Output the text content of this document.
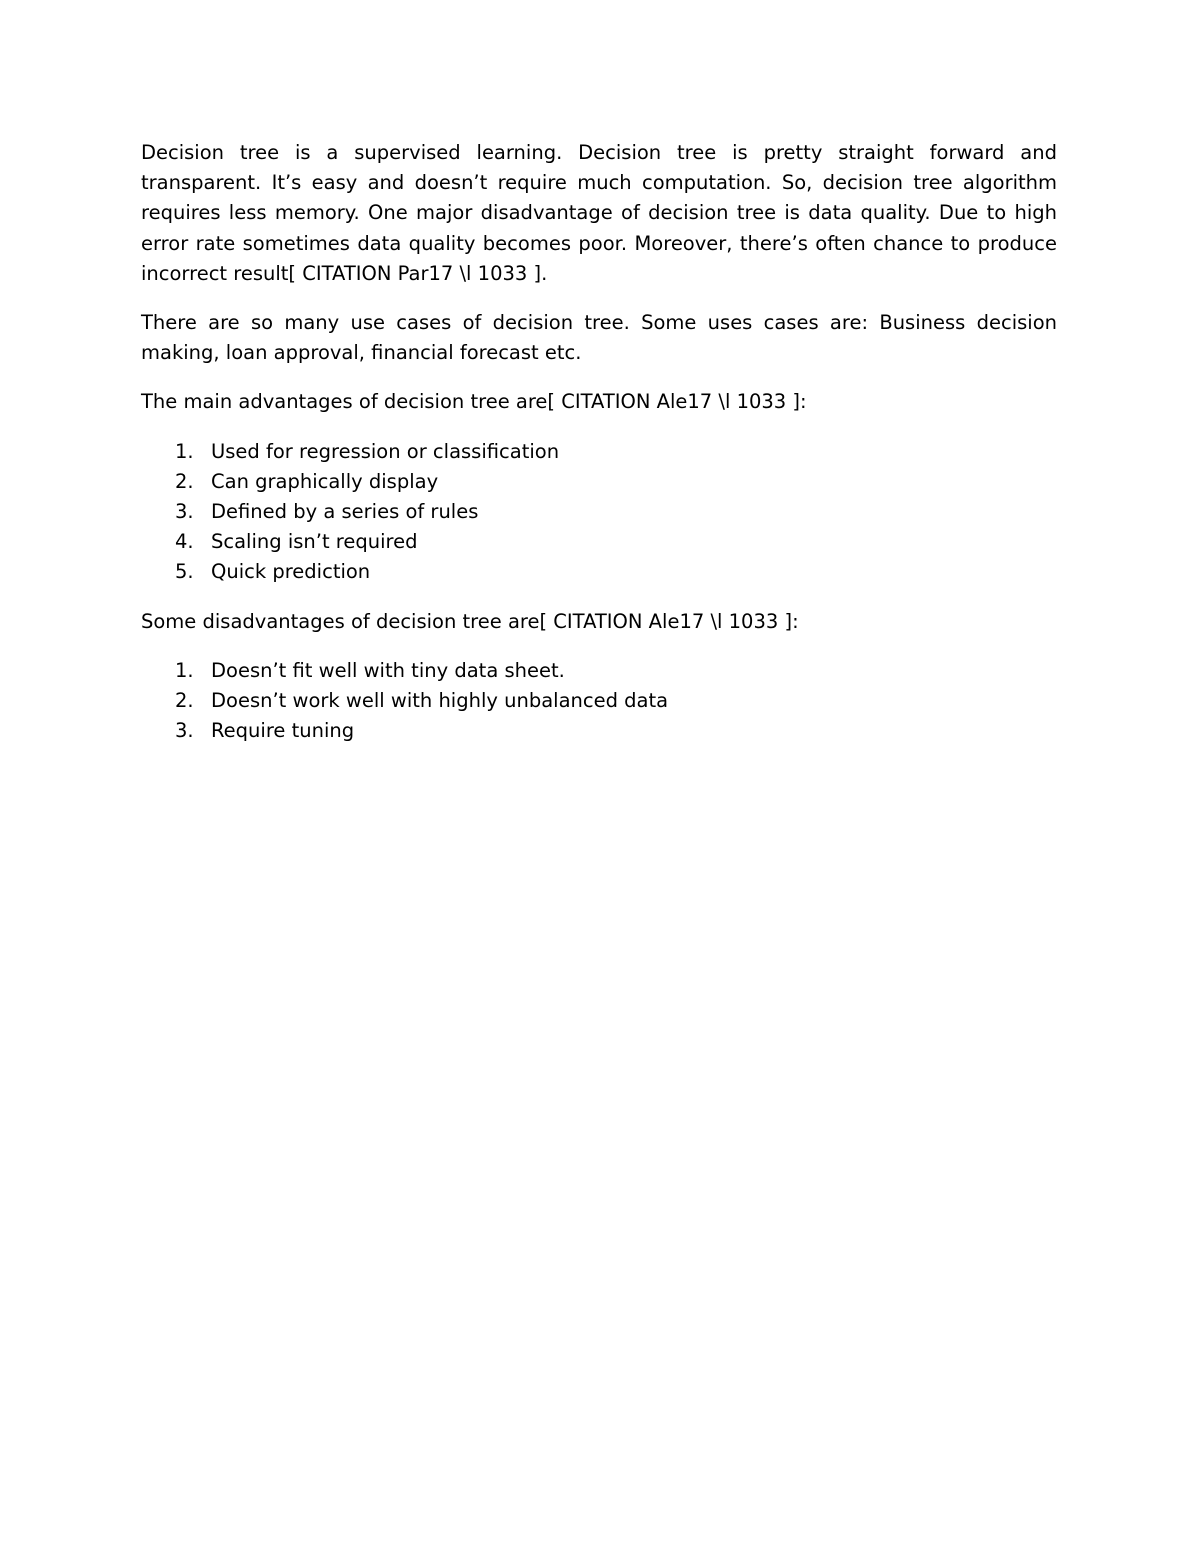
Decision tree is a supervised learning. Decision tree is pretty straight forward and transparent. It’s easy and doesn’t require much computation. So, decision tree algorithm requires less memory. One major disadvantage of decision tree is data quality. Due to high error rate sometimes data quality becomes poor. Moreover, there’s often chance to produce incorrect result[ CITATION Par17 \l 1033 ].

There are so many use cases of decision tree. Some uses cases are: Business decision making, loan approval, financial forecast etc.

The main advantages of decision tree are[ CITATION Ale17 \l 1033 ]:

1. Used for regression or classification
2. Can graphically display
3. Defined by a series of rules
4. Scaling isn’t required
5. Quick prediction

Some disadvantages of decision tree are[ CITATION Ale17 \l 1033 ]:

1. Doesn’t fit well with tiny data sheet.
2. Doesn’t work well with highly unbalanced data
3. Require tuning
